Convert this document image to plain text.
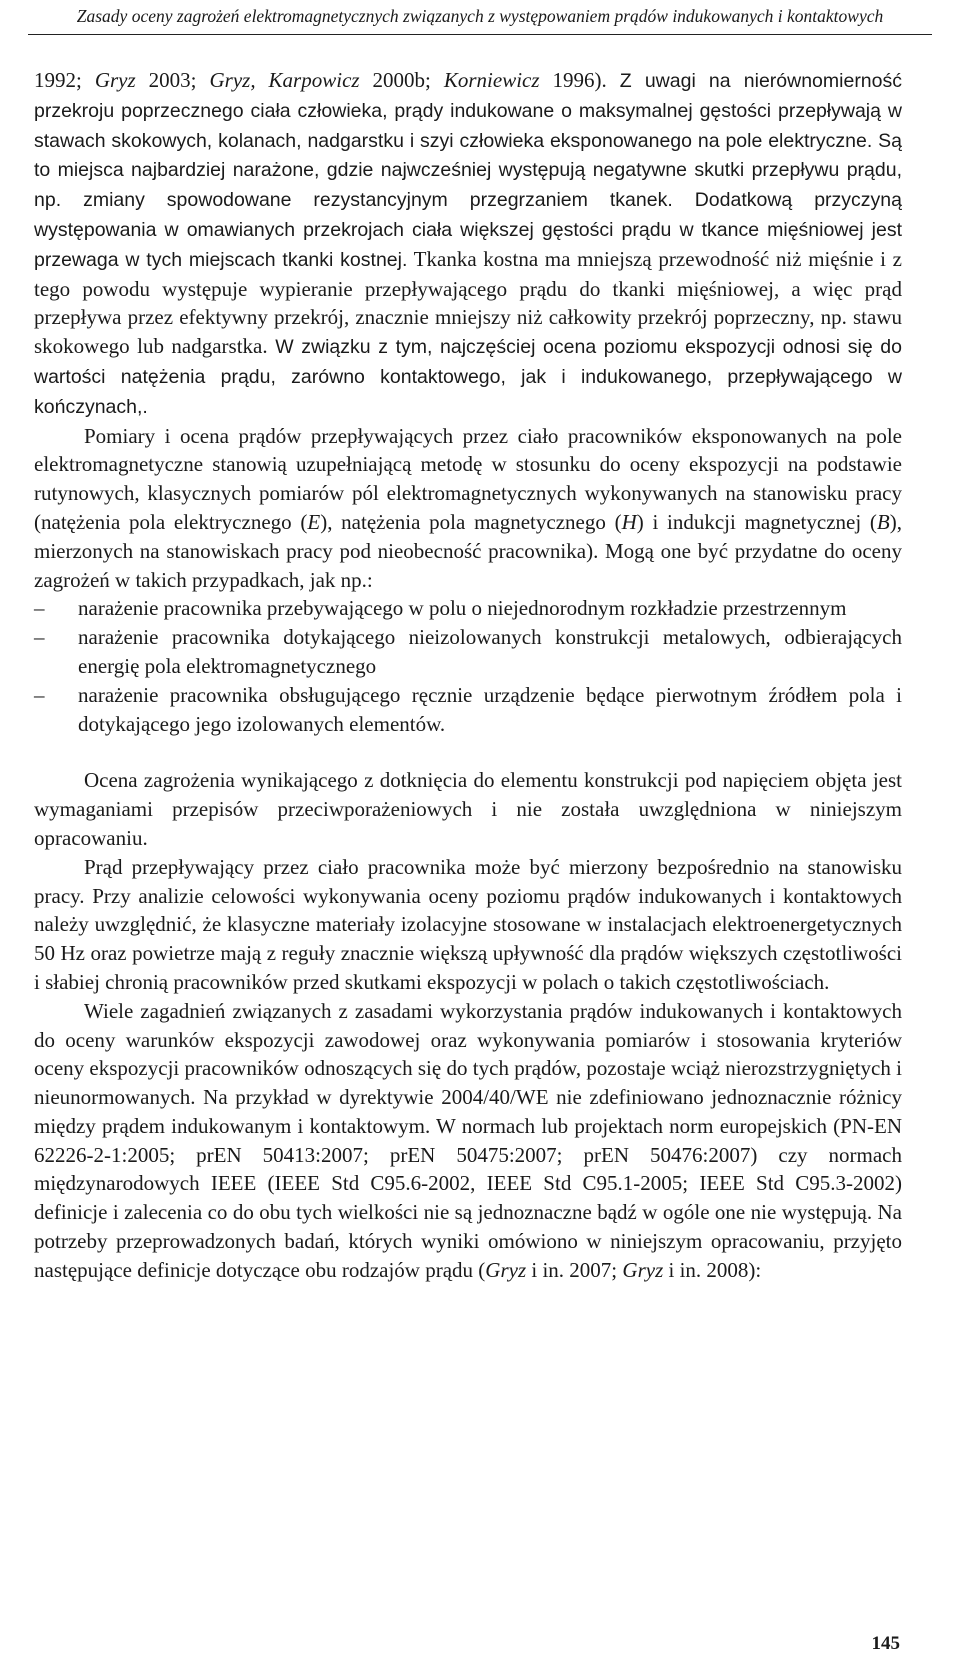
Zasady oceny zagrożeń elektromagnetycznych związanych z występowaniem prądów indukowanych i kontaktowych

1992; Gryz 2003; Gryz, Karpowicz 2000b; Korniewicz 1996). Z uwagi na nierównomierność przekroju poprzecznego ciała człowieka, prądy indukowane o maksymalnej gęstości przepływają w stawach skokowych, kolanach, nadgarstku i szyi człowieka eksponowanego na pole elektryczne. Są to miejsca najbardziej narażone, gdzie najwcześniej występują negatywne skutki przepływu prądu, np. zmiany spowodowane rezystancyjnym przegrzaniem tkanek. Dodatkową przyczyną występowania w omawianych przekrojach ciała większej gęstości prądu w tkance mięśniowej jest przewaga w tych miejscach tkanki kostnej. Tkanka kostna ma mniejszą przewodność niż mięśnie i z tego powodu występuje wypieranie przepływającego prądu do tkanki mięśniowej, a więc prąd przepływa przez efektywny przekrój, znacznie mniejszy niż całkowity przekrój poprzeczny, np. stawu skokowego lub nadgarstka. W związku z tym, najczęściej ocena poziomu ekspozycji odnosi się do wartości natężenia prądu, zarówno kontaktowego, jak i indukowanego, przepływającego w kończynach,.

Pomiary i ocena prądów przepływających przez ciało pracowników eksponowanych na pole elektromagnetyczne stanowią uzupełniającą metodę w stosunku do oceny ekspozycji na podstawie rutynowych, klasycznych pomiarów pól elektromagnetycznych wykonywanych na stanowisku pracy (natężenia pola elektrycznego (E), natężenia pola magnetycznego (H) i indukcji magnetycznej (B), mierzonych na stanowiskach pracy pod nieobecność pracownika). Mogą one być przydatne do oceny zagrożeń w takich przypadkach, jak np.:

– narażenie pracownika przebywającego w polu o niejednorodnym rozkładzie przestrzennym
– narażenie pracownika dotykającego nieizolowanych konstrukcji metalowych, odbierających energię pola elektromagnetycznego
– narażenie pracownika obsługującego ręcznie urządzenie będące pierwotnym źródłem pola i dotykającego jego izolowanych elementów.

Ocena zagrożenia wynikającego z dotknięcia do elementu konstrukcji pod napięciem objęta jest wymaganiami przepisów przeciwporażeniowych i nie została uwzględniona w niniejszym opracowaniu.

Prąd przepływający przez ciało pracownika może być mierzony bezpośrednio na stanowisku pracy. Przy analizie celowości wykonywania oceny poziomu prądów indukowanych i kontaktowych należy uwzględnić, że klasyczne materiały izolacyjne stosowane w instalacjach elektroenergetycznych 50 Hz oraz powietrze mają z reguły znacznie większą upływność dla prądów większych częstotliwości i słabiej chronią pracowników przed skutkami ekspozycji w polach o takich częstotliwościach.

Wiele zagadnień związanych z zasadami wykorzystania prądów indukowanych i kontaktowych do oceny warunków ekspozycji zawodowej oraz wykonywania pomiarów i stosowania kryteriów oceny ekspozycji pracowników odnoszących się do tych prądów, pozostaje wciąż nierozstrzygniętych i nieunormowanych. Na przykład w dyrektywie 2004/40/WE nie zdefiniowano jednoznacznie różnicy między prądem indukowanym i kontaktowym. W normach lub projektach norm europejskich (PN-EN 62226-2-1:2005; prEN 50413:2007; prEN 50475:2007; prEN 50476:2007) czy normach międzynarodowych IEEE (IEEE Std C95.6-2002, IEEE Std C95.1-2005; IEEE Std C95.3-2002) definicje i zalecenia co do obu tych wielkości nie są jednoznaczne bądź w ogóle one nie występują. Na potrzeby przeprowadzonych badań, których wyniki omówiono w niniejszym opracowaniu, przyjęto następujące definicje dotyczące obu rodzajów prądu (Gryz i in. 2007; Gryz i in. 2008):

145
